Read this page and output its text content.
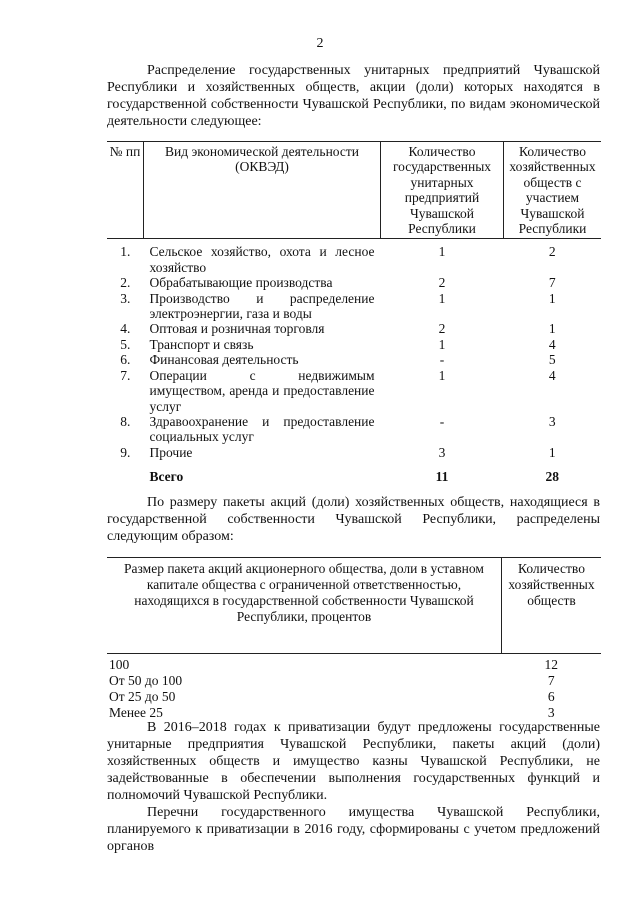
2

Распределение государственных унитарных предприятий Чувашской Республики и хозяйственных обществ, акции (доли) которых находятся в государственной собственности Чувашской Республики, по видам экономической деятельности следующее:

№ пп	Вид экономической деятельности (ОКВЭД)	Количество государственных унитарных предприятий Чувашской Республики	Количество хозяйственных обществ с участием Чувашской Республики
1.	Сельское хозяйство, охота и лесное хозяйство	1	2
2.	Обрабатывающие производства	2	7
3.	Производство и распределение электроэнергии, газа и воды	1	1
4.	Оптовая и розничная торговля	2	1
5.	Транспорт и связь	1	4
6.	Финансовая деятельность	-	5
7.	Операции с недвижимым имуществом, аренда и предоставление услуг	1	4
8.	Здравоохранение и предоставление социальных услуг	-	3
9.	Прочие	3	1

	Всего	11	28

По размеру пакеты акций (доли) хозяйственных обществ, находящиеся в государственной собственности Чувашской Республики, распределены следующим образом:

Размер пакета акций акционерного общества, доли в уставном капитале общества с ограниченной ответственностью, находящихся в государственной собственности Чувашской Республики, процентов	Количество хозяйственных обществ
100	12
От 50 до 100	7
От 25 до 50	6
Менее 25	3

В 2016–2018 годах к приватизации будут предложены государственные унитарные предприятия Чувашской Республики, пакеты акций (доли) хозяйственных обществ и имущество казны Чувашской Республики, не задействованные в обеспечении выполнения государственных функций и полномочий Чувашской Республики.

Перечни государственного имущества Чувашской Республики, планируемого к приватизации в 2016 году, сформированы с учетом предложений органов
